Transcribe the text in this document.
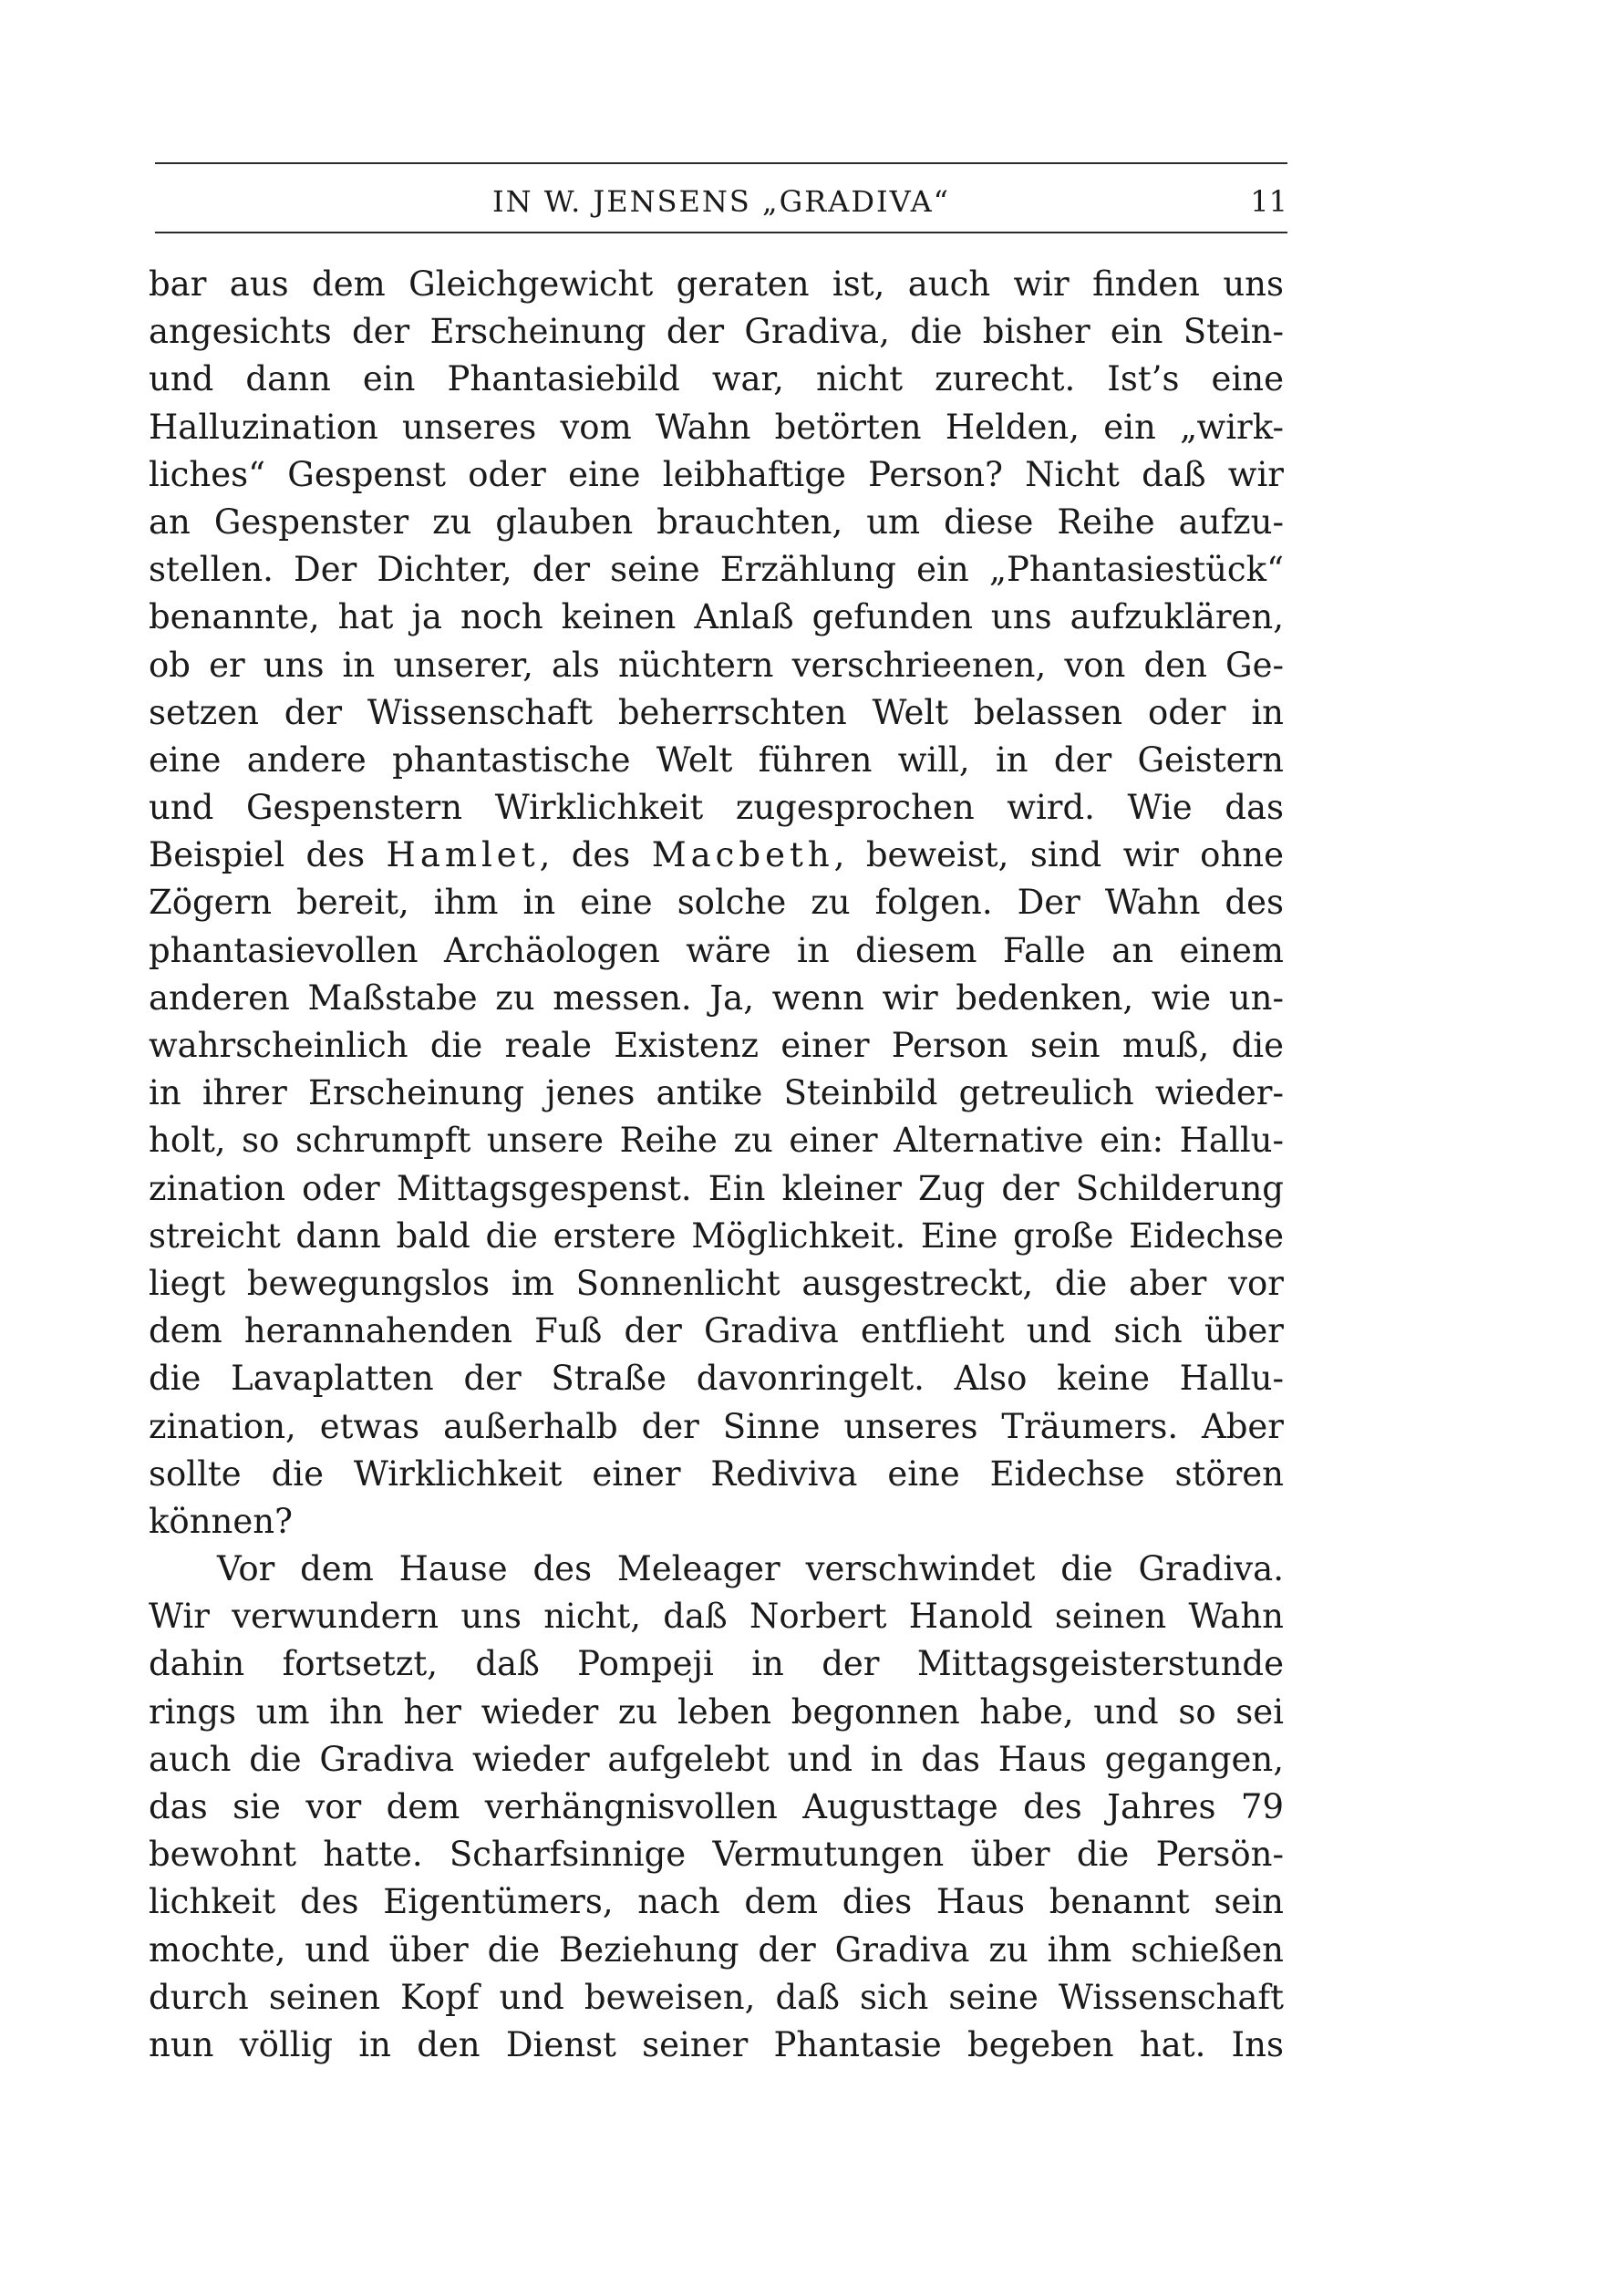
IN W. JENSENS „GRADIVA“	11
bar aus dem Gleichgewicht geraten ist, auch wir finden uns
angesichts der Erscheinung der Gradiva, die bisher ein Stein-
und dann ein Phantasiebild war, nicht zurecht. Ist’s eine
Halluzination unseres vom Wahn betörten Helden, ein „wirk-
liches“ Gespenst oder eine leibhaftige Person? Nicht daß wir
an Gespenster zu glauben brauchten, um diese Reihe aufzu-
stellen. Der Dichter, der seine Erzählung ein „Phantasiestück“
benannte, hat ja noch keinen Anlaß gefunden uns aufzuklären,
ob er uns in unserer, als nüchtern verschrieenen, von den Ge-
setzen der Wissenschaft beherrschten Welt belassen oder in
eine andere phantastische Welt führen will, in der Geistern
und Gespenstern Wirklichkeit zugesprochen wird. Wie das
Beispiel des Hamlet, des Macbeth, beweist, sind wir ohne
Zögern bereit, ihm in eine solche zu folgen. Der Wahn des
phantasievollen Archäologen wäre in diesem Falle an einem
anderen Maßstabe zu messen. Ja, wenn wir bedenken, wie un-
wahrscheinlich die reale Existenz einer Person sein muß, die
in ihrer Erscheinung jenes antike Steinbild getreulich wieder-
holt, so schrumpft unsere Reihe zu einer Alternative ein: Hallu-
zination oder Mittagsgespenst. Ein kleiner Zug der Schilderung
streicht dann bald die erstere Möglichkeit. Eine große Eidechse
liegt bewegungslos im Sonnenlicht ausgestreckt, die aber vor
dem herannahenden Fuß der Gradiva entflieht und sich über
die Lavaplatten der Straße davonringelt. Also keine Hallu-
zination, etwas außerhalb der Sinne unseres Träumers. Aber
sollte die Wirklichkeit einer Rediviva eine Eidechse stören
können?
Vor dem Hause des Meleager verschwindet die Gradiva.
Wir verwundern uns nicht, daß Norbert Hanold seinen Wahn
dahin fortsetzt, daß Pompeji in der Mittagsgeisterstunde
rings um ihn her wieder zu leben begonnen habe, und so sei
auch die Gradiva wieder aufgelebt und in das Haus gegangen,
das sie vor dem verhängnisvollen Augusttage des Jahres 79
bewohnt hatte. Scharfsinnige Vermutungen über die Persön-
lichkeit des Eigentümers, nach dem dies Haus benannt sein
mochte, und über die Beziehung der Gradiva zu ihm schießen
durch seinen Kopf und beweisen, daß sich seine Wissenschaft
nun völlig in den Dienst seiner Phantasie begeben hat. Ins
